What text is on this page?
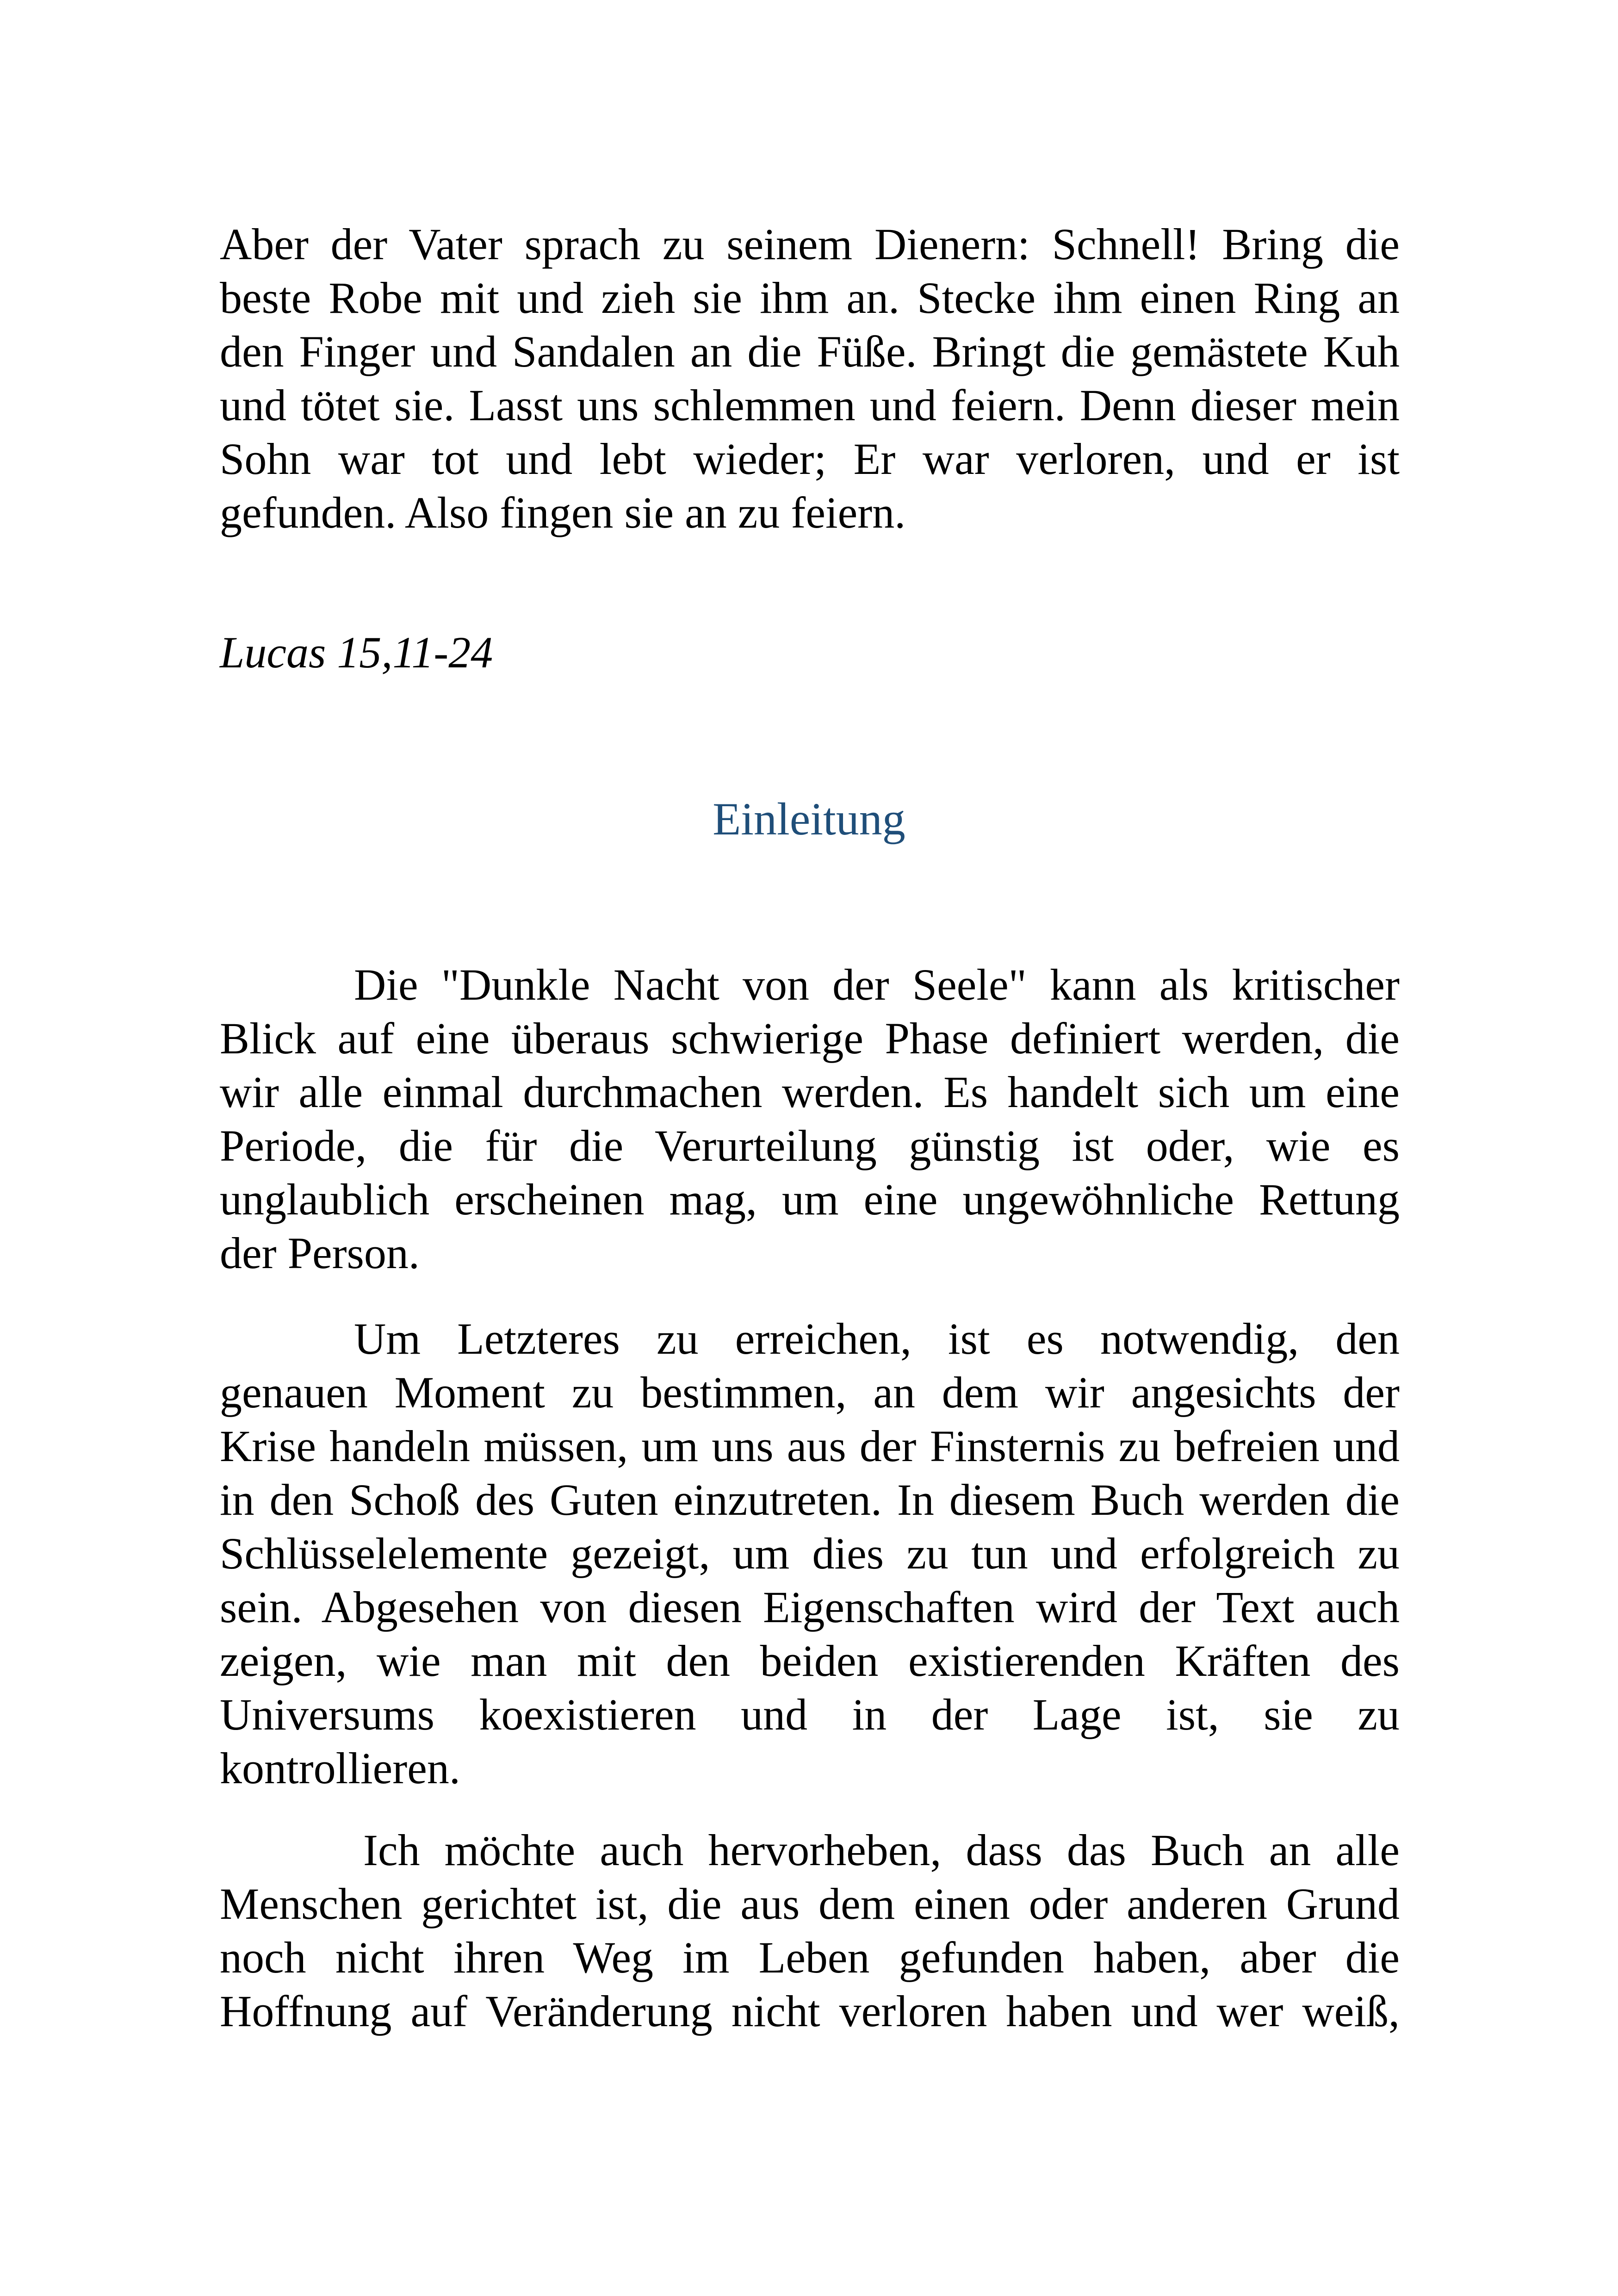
Aber der Vater sprach zu seinem Dienern: Schnell! Bring die
beste Robe mit und zieh sie ihm an. Stecke ihm einen Ring an
den Finger und Sandalen an die Füße. Bringt die gemästete Kuh
und tötet sie. Lasst uns schlemmen und feiern. Denn dieser mein
Sohn war tot und lebt wieder; Er war verloren, und er ist
gefunden. Also fingen sie an zu feiern.

Lucas 15,11-24

Einleitung
Die "Dunkle Nacht von der Seele" kann als kritischer
Blick auf eine überaus schwierige Phase definiert werden, die
wir alle einmal durchmachen werden. Es handelt sich um eine
Periode, die für die Verurteilung günstig ist oder, wie es
unglaublich erscheinen mag, um eine ungewöhnliche Rettung
der Person.
Um Letzteres zu erreichen, ist es notwendig, den
genauen Moment zu bestimmen, an dem wir angesichts der
Krise handeln müssen, um uns aus der Finsternis zu befreien und
in den Schoß des Guten einzutreten. In diesem Buch werden die
Schlüsselelemente gezeigt, um dies zu tun und erfolgreich zu
sein. Abgesehen von diesen Eigenschaften wird der Text auch
zeigen, wie man mit den beiden existierenden Kräften des
Universums koexistieren und in der Lage ist, sie zu
kontrollieren.
Ich möchte auch hervorheben, dass das Buch an alle
Menschen gerichtet ist, die aus dem einen oder anderen Grund
noch nicht ihren Weg im Leben gefunden haben, aber die
Hoffnung auf Veränderung nicht verloren haben und wer weiß,
